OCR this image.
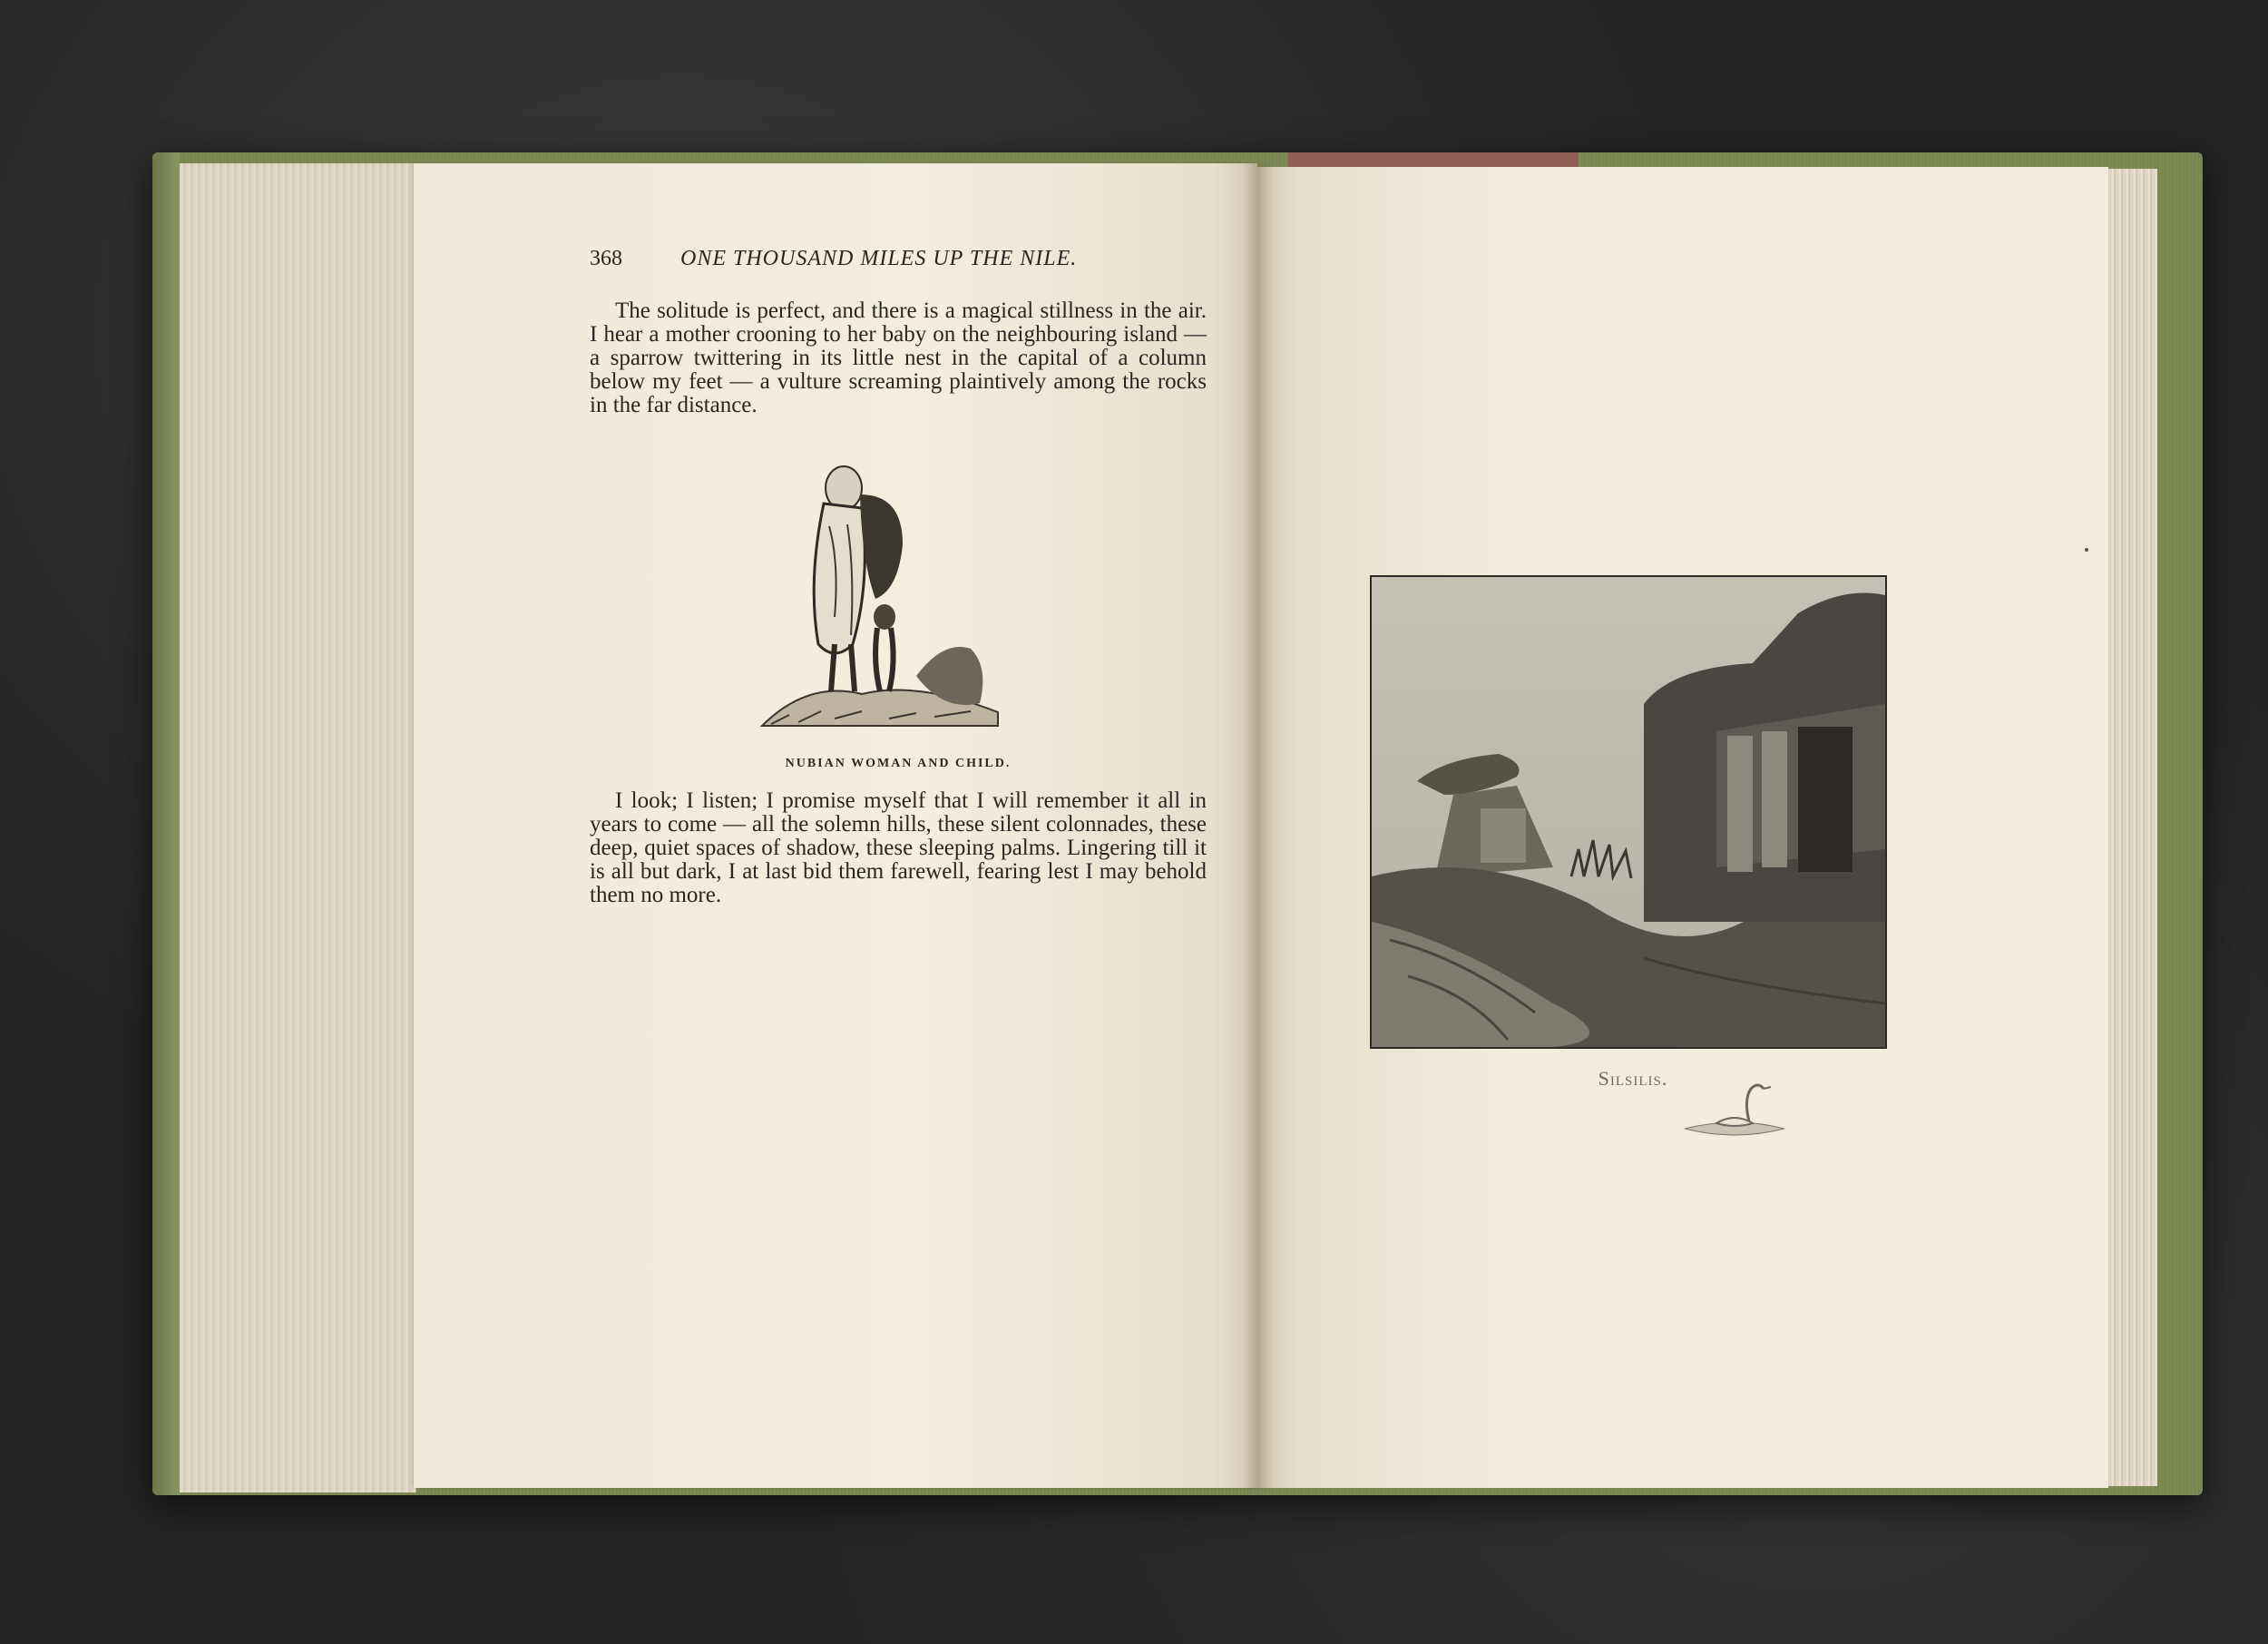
368	ONE THOUSAND MILES UP THE NILE.

The solitude is perfect, and there is a magical stillness in the air. I hear a mother crooning to her baby on the neighbouring island — a sparrow twittering in its little nest in the capital of a column below my feet — a vulture screaming plaintively among the rocks in the far distance.

NUBIAN WOMAN AND CHILD.

I look; I listen; I promise myself that I will remember it all in years to come — all the solemn hills, these silent colonnades, these deep, quiet spaces of shadow, these sleeping palms. Lingering till it is all but dark, I at last bid them farewell, fearing lest I may behold them no more.

Silsilis.
